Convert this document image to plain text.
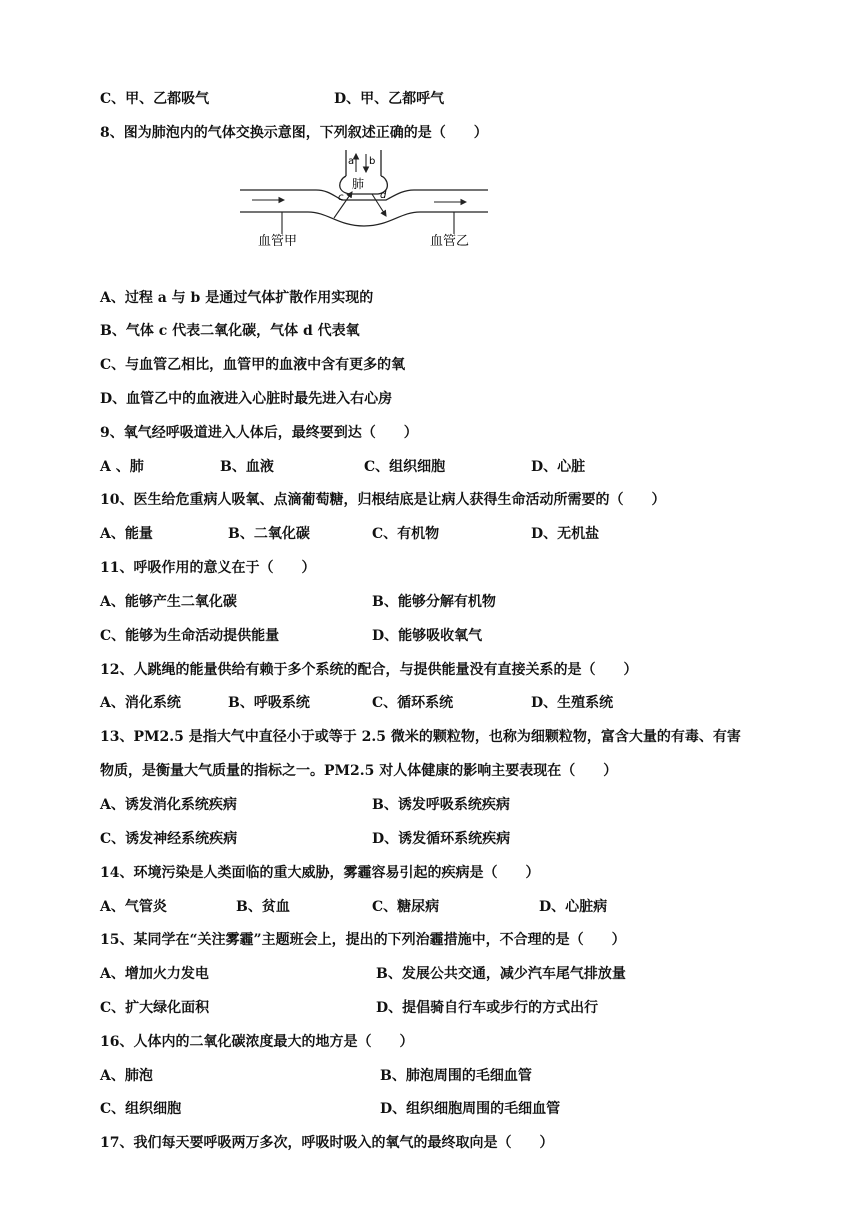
C、甲、乙都吸气	D、甲、乙都呼气
8、图为肺泡内的气体交换示意图，下列叙述正确的是（　　）
a b
肺
c	d
血管甲	血管乙
A、过程 a 与 b 是通过气体扩散作用实现的
B、气体 c 代表二氧化碳，气体 d 代表氧
C、与血管乙相比，血管甲的血液中含有更多的氧
D、血管乙中的血液进入心脏时最先进入右心房
9、氧气经呼吸道进入人体后，最终要到达（　　）
A 、肺	B、血液	C、组织细胞	D、心脏
10、医生给危重病人吸氧、点滴葡萄糖，归根结底是让病人获得生命活动所需要的（　　）
A、能量	B、二氧化碳	C、有机物	D、无机盐
11、呼吸作用的意义在于（　　）
A、能够产生二氧化碳	B、能够分解有机物
C、能够为生命活动提供能量	D、能够吸收氧气
12、人跳绳的能量供给有赖于多个系统的配合，与提供能量没有直接关系的是（　　）
A、消化系统	B、呼吸系统	C、循环系统	D、生殖系统
13、PM2.5 是指大气中直径小于或等于 2.5 微米的颗粒物，也称为细颗粒物，富含大量的有毒、有害
物质，是衡量大气质量的指标之一。PM2.5 对人体健康的影响主要表现在（　　）
A、诱发消化系统疾病	B、诱发呼吸系统疾病
C、诱发神经系统疾病	D、诱发循环系统疾病
14、环境污染是人类面临的重大威胁，雾霾容易引起的疾病是（　　）
A、气管炎	B、贫血	C、糖尿病	D、心脏病
15、某同学在“关注雾霾”主题班会上，提出的下列治霾措施中，不合理的是（　　）
A、增加火力发电	B、发展公共交通，减少汽车尾气排放量
C、扩大绿化面积	D、提倡骑自行车或步行的方式出行
16、人体内的二氧化碳浓度最大的地方是（　　）
A、肺泡	B、肺泡周围的毛细血管
C、组织细胞	D、组织细胞周围的毛细血管
17、我们每天要呼吸两万多次，呼吸时吸入的氧气的最终取向是（　　）
